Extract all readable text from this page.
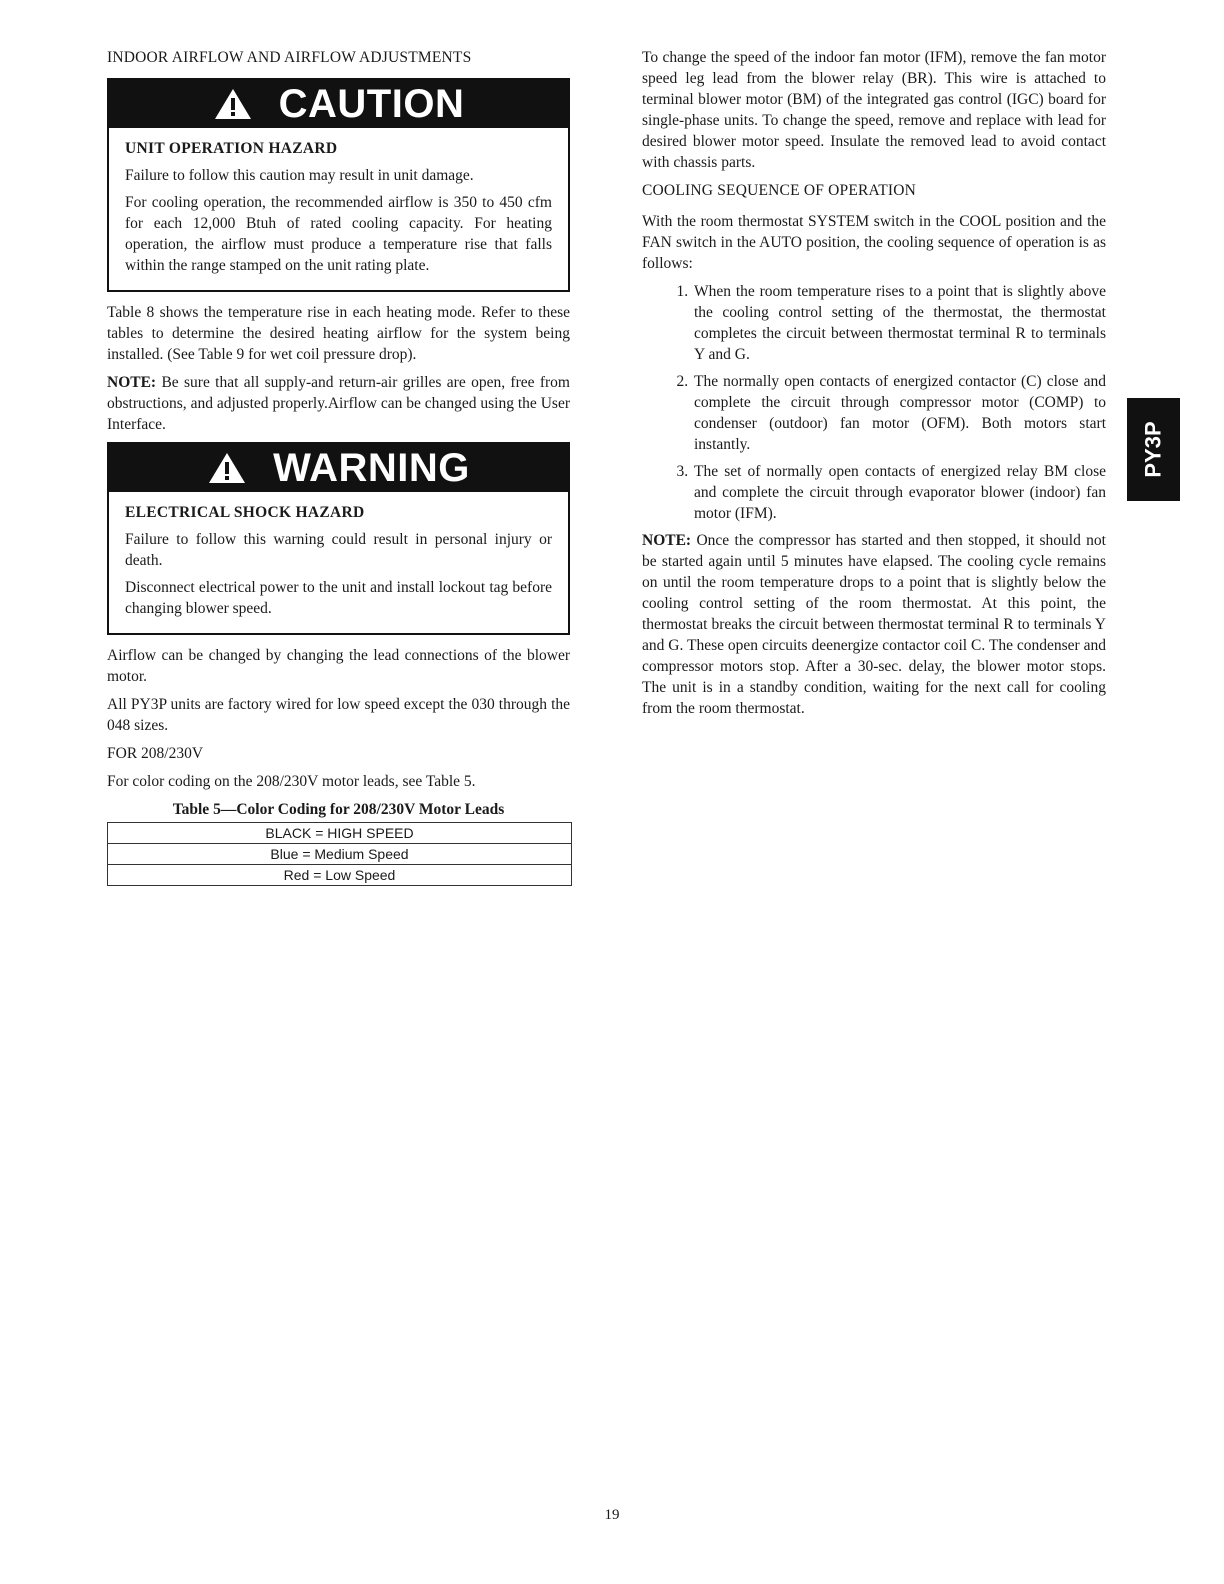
INDOOR AIRFLOW AND AIRFLOW ADJUSTMENTS

CAUTION

UNIT OPERATION HAZARD

Failure to follow this caution may result in unit damage.

For cooling operation, the recommended airflow is 350 to 450 cfm for each 12,000 Btuh of rated cooling capacity. For heating operation, the airflow must produce a temperature rise that falls within the range stamped on the unit rating plate.

Table 8 shows the temperature rise in each heating mode. Refer to these tables to determine the desired heating airflow for the system being installed. (See Table 9 for wet coil pressure drop).

NOTE: Be sure that all supply-and return-air grilles are open, free from obstructions, and adjusted properly.Airflow can be changed using the User Interface.

WARNING

ELECTRICAL SHOCK HAZARD

Failure to follow this warning could result in personal injury or death.

Disconnect electrical power to the unit and install lockout tag before changing blower speed.

Airflow can be changed by changing the lead connections of the blower motor.

All PY3P units are factory wired for low speed except the 030 through the 048 sizes.

FOR 208/230V

For color coding on the 208/230V motor leads, see Table 5.

Table 5—Color Coding for 208/230V Motor Leads
BLACK = HIGH SPEED
Blue = Medium Speed
Red = Low Speed

To change the speed of the indoor fan motor (IFM), remove the fan motor speed leg lead from the blower relay (BR). This wire is attached to terminal blower motor (BM) of the integrated gas control (IGC) board for single-phase units. To change the speed, remove and replace with lead for desired blower motor speed. Insulate the removed lead to avoid contact with chassis parts.

COOLING SEQUENCE OF OPERATION

With the room thermostat SYSTEM switch in the COOL position and the FAN switch in the AUTO position, the cooling sequence of operation is as follows:

1. When the room temperature rises to a point that is slightly above the cooling control setting of the thermostat, the thermostat completes the circuit between thermostat terminal R to terminals Y and G.
2. The normally open contacts of energized contactor (C) close and complete the circuit through compressor motor (COMP) to condenser (outdoor) fan motor (OFM). Both motors start instantly.
3. The set of normally open contacts of energized relay BM close and complete the circuit through evaporator blower (indoor) fan motor (IFM).

NOTE: Once the compressor has started and then stopped, it should not be started again until 5 minutes have elapsed. The cooling cycle remains on until the room temperature drops to a point that is slightly below the cooling control setting of the room thermostat. At this point, the thermostat breaks the circuit between thermostat terminal R to terminals Y and G. These open circuits deenergize contactor coil C. The condenser and compressor motors stop. After a 30-sec. delay, the blower motor stops. The unit is in a standby condition, waiting for the next call for cooling from the room thermostat.

PY3P
19
